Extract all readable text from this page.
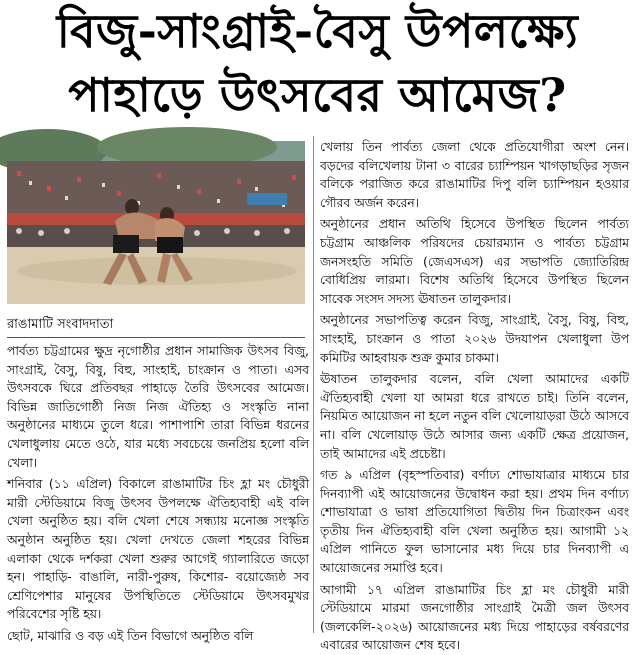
বিজু-সাংগ্রাই-বৈসু উপলক্ষ্যে
পাহাড়ে উৎসবের আমেজ?
রাঙামাটি সংবাদদাতা

পার্বত্য চট্টগ্রামের ক্ষুদ্র নৃগোষ্ঠীর প্রধান সামাজিক উৎসব বিজু, সাংগ্রাই, বৈসু, বিষু, বিহু, সাংহাই, চাংক্রান ও পাতা। এসব উৎসবকে ঘিরে প্রতিবছর পাহাড়ে তৈরি উৎসবের আমেজ। বিভিন্ন জাতিগোষ্ঠী নিজ নিজ ঐতিহ্য ও সংস্কৃতি নানা অনুষ্ঠানের মাধ্যমে তুলে ধরে। পাশাপাশি তারা বিভিন্ন ধরনের খেলাধুলায় মেতে ওঠে, যার মধ্যে সবচেয়ে জনপ্রিয় হলো বলি খেলা।

শনিবার (১১ এপ্রিল) বিকালে রাঙামাটির চিং হ্লা মং চৌধুরী মারী স্টেডিয়ামে বিজু উৎসব উপলক্ষে ঐতিহ্যবাহী এই বলি খেলা অনুষ্ঠিত হয়। বলি খেলা শেষে সন্ধ্যায় মনোজ্ঞ সংস্কৃতি অনুষ্ঠান অনুষ্ঠিত হয়। খেলা দেখতে জেলা শহরের বিভিন্ন এলাকা থেকে দর্শকরা খেলা শুরুর আগেই গ্যালারিতে জড়ো হন। পাহাড়ি- বাঙালি, নারী-পুরুষ, কিশোর- বয়োজ্যেষ্ঠ সব শ্রেণিপেশার মানুষের উপস্থিতিতে স্টেডিয়ামে উৎসবমুখর পরিবেশের সৃষ্টি হয়।

ছোট, মাঝারি ও বড় এই তিন বিভাগে অনুষ্ঠিত বলি

খেলায় তিন পার্বত্য জেলা থেকে প্রতিযোগীরা অংশ নেন। বড়দের বলিখেলায় টানা ৩ বারের চ্যাম্পিয়ন খাগড়াছড়ির সৃজন বলিকে পরাজিত করে রাঙামাটির দিপু বলি চ্যাম্পিয়ন হওয়ার গৌরব অর্জন করেন।

অনুষ্ঠানের প্রধান অতিথি হিসেবে উপস্থিত ছিলেন পার্বত্য চট্টগ্রাম আঞ্চলিক পরিষদের চেয়ারম্যান ও পার্বত্য চট্টগ্রাম জনসংহতি সমিতি (জেএসএস) এর সভাপতি জ্যোতিরিন্দ্র বোধিপ্রিয় লারমা। বিশেষ অতিথি হিসেবে উপস্থিত ছিলেন সাবেক সংসদ সদস্য ঊষাতন তালুকদার।

অনুষ্ঠানের সভাপতিত্ব করেন বিজু, সাংগ্রাই, বৈসু, বিষু, বিহু, সাংহাই, চাংক্রান ও পাতা ২০২৬ উদযাপন খেলাধুলা উপ কমিটির আহবায়ক শুক্র কুমার চাকমা।

ঊষাতন তালুকদার বলেন, বলি খেলা আমাদের একটি ঐতিহ্যবাহী খেলা যা আমরা ধরে রাখতে চাই। তিনি বলেন, নিয়মিত আয়োজন না হলে নতুন বলি খেলোয়াড়রা উঠে আসবে না। বলি খেলোয়াড় উঠে আসার জন্য একটি ক্ষেত্র প্রয়োজন, তাই আমাদের এই প্রচেষ্টা।

গত ৯ এপ্রিল (বৃহস্পতিবার) বর্ণাঢ্য শোভাযাত্রার মাধ্যমে চার দিনব্যাপী এই আয়োজনের উদ্বোধন করা হয়। প্রথম দিন বর্ণাঢ্য শোভাযাত্রা ও ভাষা প্রতিযোগিতা দ্বিতীয় দিন চিত্রাংকন এবং তৃতীয় দিন ঐতিহ্যবাহী বলি খেলা অনুষ্ঠিত হয়। আগামী ১২ এপ্রিল পানিতে ফুল ভাসানোর মধ্য দিয়ে চার দিনব্যাপী এ আয়োজনের সমাপ্তি হবে।

আগামী ১৭ এপ্রিল রাঙামাটির চিং হ্লা মং চৌধুরী মারী স্টেডিয়ামে মারমা জনগোষ্ঠীর সাংগ্রাই মৈত্রী জল উৎসব (জলকেলি-২০২৬) আয়োজনের মধ্য দিয়ে পাহাড়ের বর্ষবরণের এবারের আয়োজন শেষ হবে।
